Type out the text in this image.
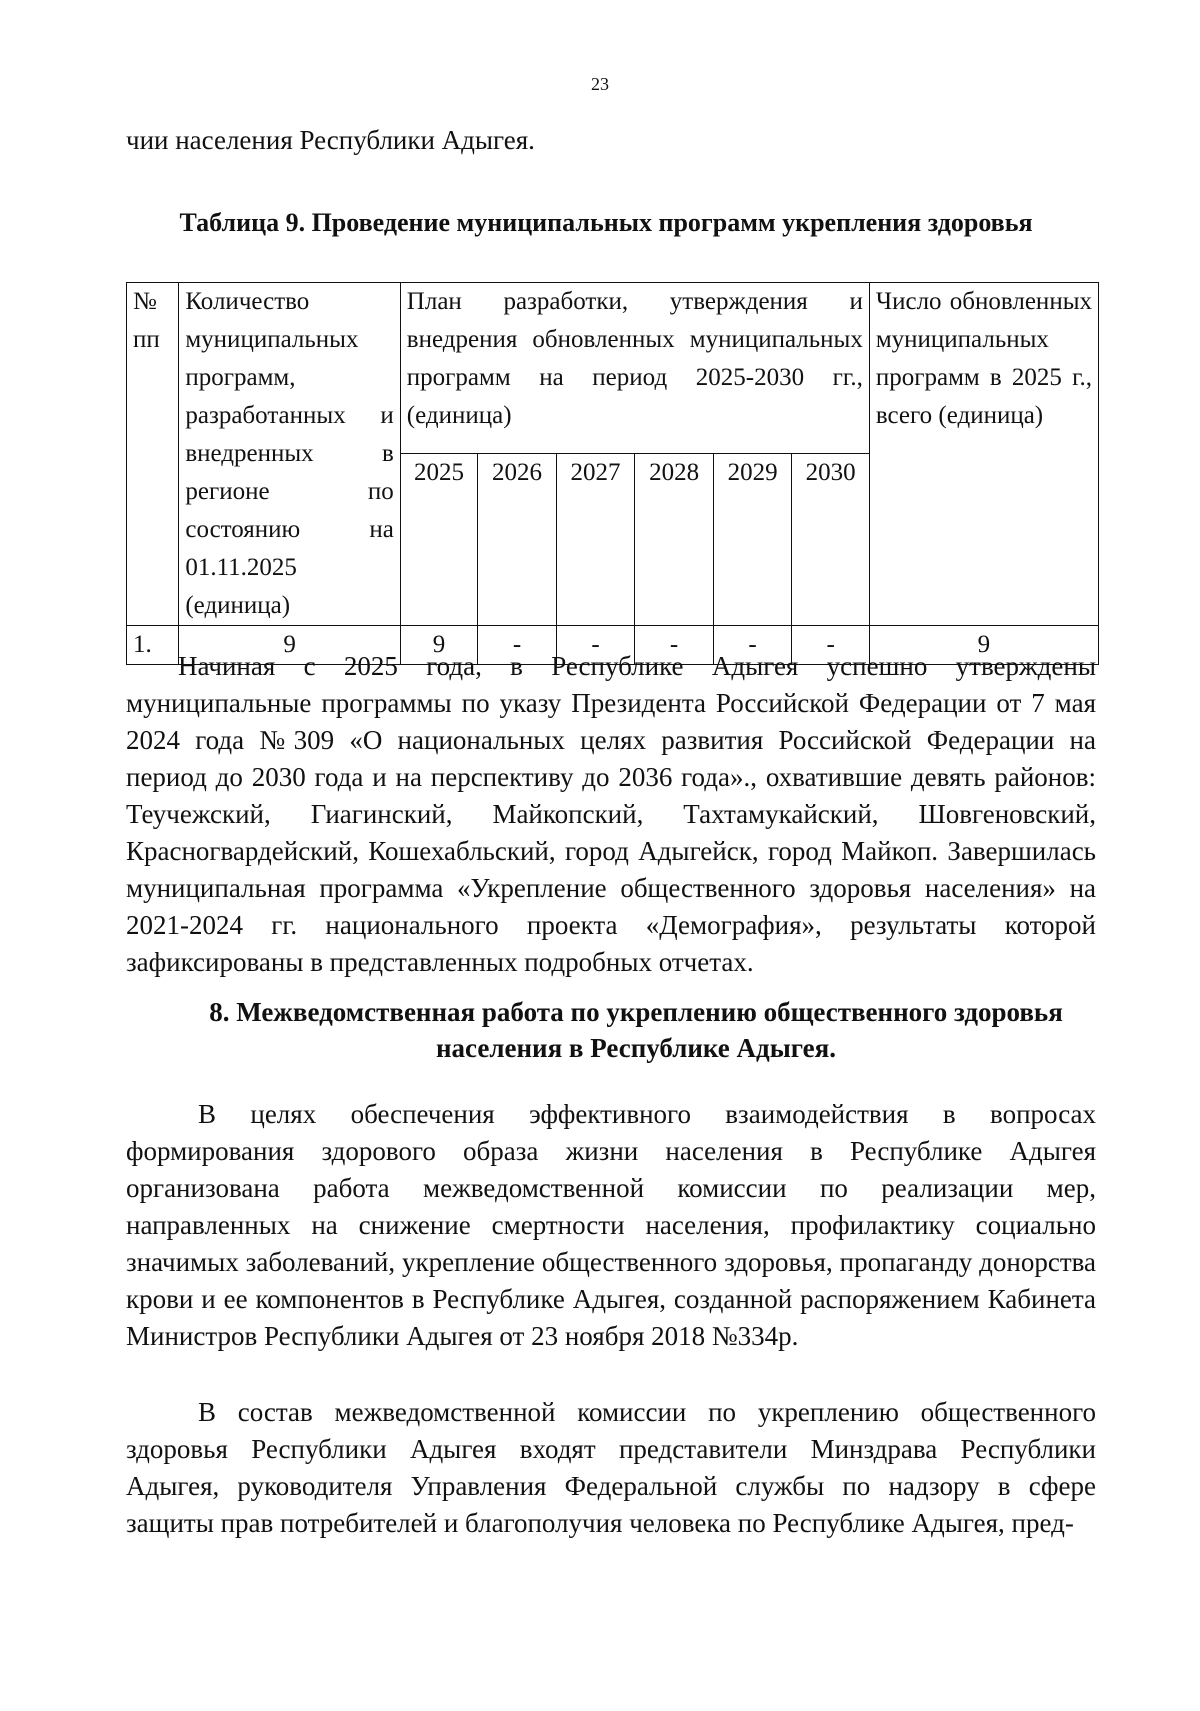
23
чии населения Республики Адыгея.
Таблица 9. Проведение муниципальных программ укрепления здоровья
№ пп	Количество муниципальных программ, разработанных и внедренных в регионе по состоянию на 01.11.2025 (единица)	План разработки, утверждения и внедрения обновленных муниципальных программ на период 2025-2030 гг., (единица)						Число обновленных муниципальных программ в 2025 г., всего (единица)
		2025	2026	2027	2028	2029	2030	
1.	9	9	-	-	-	-	-	9
Начиная с 2025 года, в Республике Адыгея успешно утверждены муниципальные программы по указу Президента Российской Федерации от 7 мая 2024 года №309 «О национальных целях развития Российской Федерации на период до 2030 года и на перспективу до 2036 года»., охватившие девять районов: Теучежский, Гиагинский, Майкопский, Тахтамукайский, Шовгеновский, Красногвардейский, Кошехабльский, город Адыгейск, город Майкоп. Завершилась муниципальная программа «Укрепление общественного здоровья населения» на 2021-2024 гг. национального проекта «Демография», результаты которой зафиксированы в представленных подробных отчетах.
8. Межведомственная работа по укреплению общественного здоровья населения в Республике Адыгея.
В целях обеспечения эффективного взаимодействия в вопросах формирования здорового образа жизни населения в Республике Адыгея организована работа межведомственной комиссии по реализации мер, направленных на снижение смертности населения, профилактику социально значимых заболеваний, укрепление общественного здоровья, пропаганду донорства крови и ее компонентов в Республике Адыгея, созданной распоряжением Кабинета Министров Республики Адыгея от 23 ноября 2018 №334р.
В состав межведомственной комиссии по укреплению общественного здоровья Республики Адыгея входят представители Минздрава Республики Адыгея, руководителя Управления Федеральной службы по надзору в сфере защиты прав потребителей и благополучия человека по Республике Адыгея, пред-
